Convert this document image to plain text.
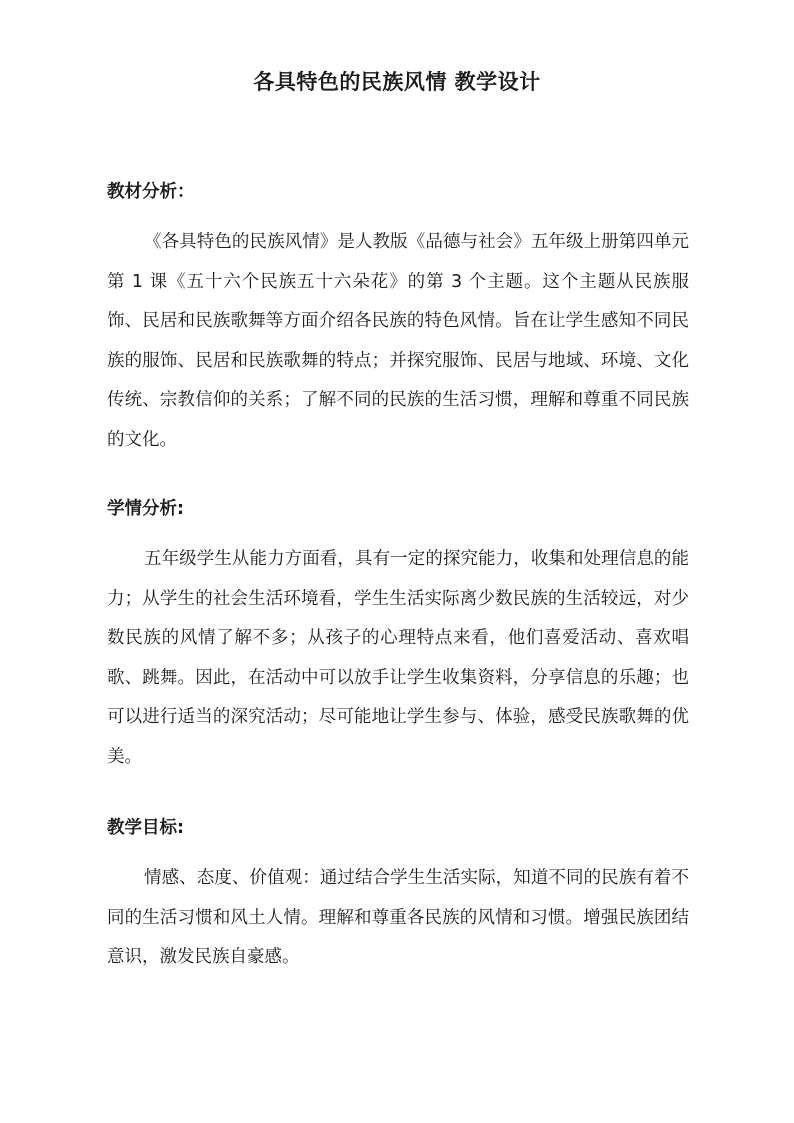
各具特色的民族风情 教学设计
教材分析：

《各具特色的民族风情》是人教版《品德与社会》五年级上册第四单元第 1 课《五十六个民族五十六朵花》的第 3 个主题。这个主题从民族服饰、民居和民族歌舞等方面介绍各民族的特色风情。旨在让学生感知不同民族的服饰、民居和民族歌舞的特点；并探究服饰、民居与地域、环境、文化传统、宗教信仰的关系；了解不同的民族的生活习惯，理解和尊重不同民族的文化。

学情分析:

五年级学生从能力方面看，具有一定的探究能力，收集和处理信息的能力；从学生的社会生活环境看，学生生活实际离少数民族的生活较远，对少数民族的风情了解不多；从孩子的心理特点来看，他们喜爱活动、喜欢唱歌、跳舞。因此，在活动中可以放手让学生收集资料，分享信息的乐趣；也可以进行适当的深究活动；尽可能地让学生参与、体验，感受民族歌舞的优美。

教学目标:

情感、态度、价值观：通过结合学生生活实际，知道不同的民族有着不同的生活习惯和风土人情。理解和尊重各民族的风情和习惯。增强民族团结意识，激发民族自豪感。
